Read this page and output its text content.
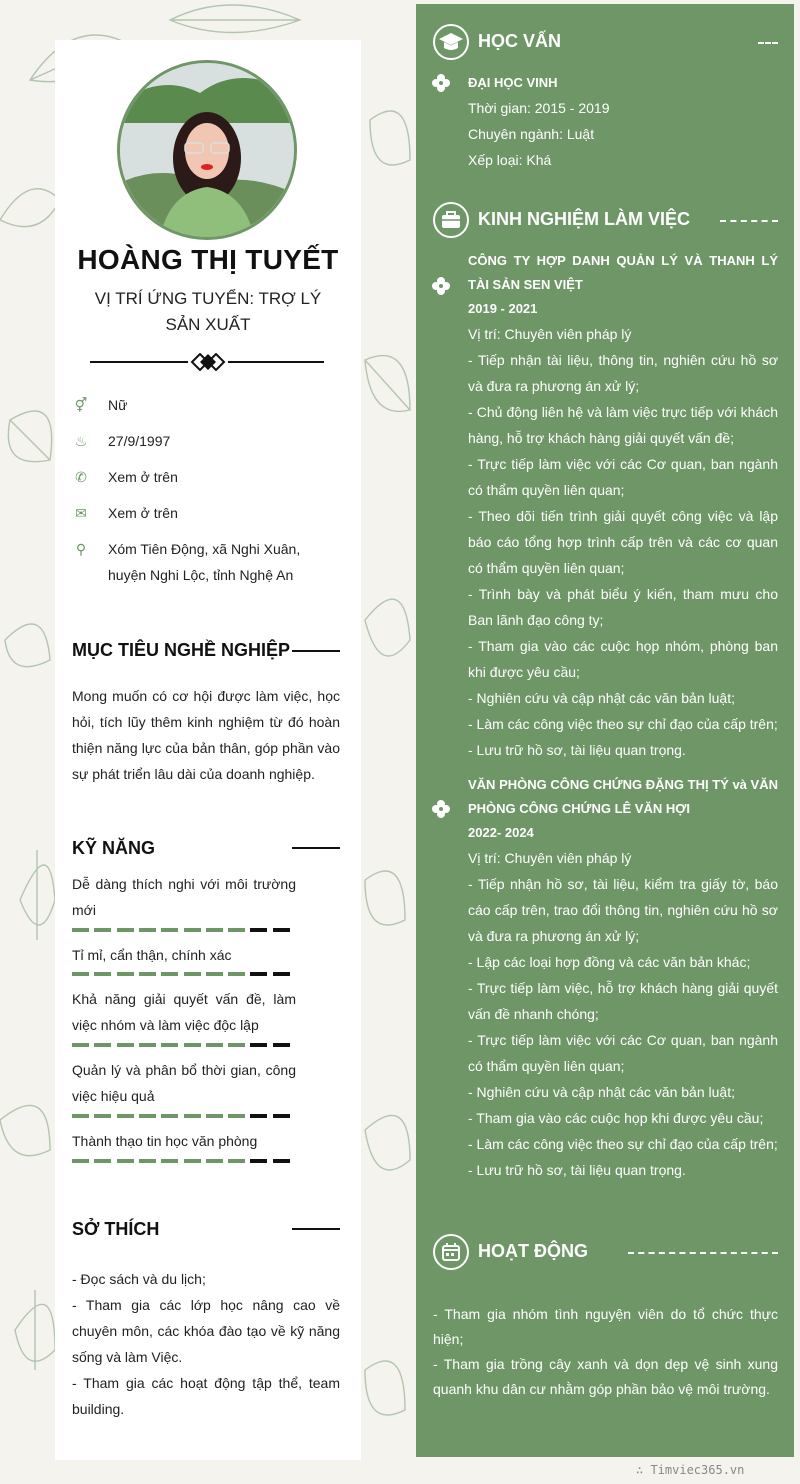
HOÀNG THỊ TUYẾT
VỊ TRÍ ỨNG TUYỂN: TRỢ LÝ
SẢN XUẤT
⚥ Nữ
♨ 27/9/1997
✆ Xem ở trên
✉ Xem ở trên
⚲ Xóm Tiên Động, xã Nghi Xuân,
huyện Nghi Lộc, tỉnh Nghệ An
MỤC TIÊU NGHỀ NGHIỆP
Mong muốn có cơ hội được làm việc, học hỏi, tích lũy thêm kinh nghiệm từ đó hoàn thiện năng lực của bản thân, góp phần vào sự phát triển lâu dài của doanh nghiệp.
KỸ NĂNG
Dễ dàng thích nghi với môi trường mới
Tỉ mỉ, cẩn thận, chính xác
Khả năng giải quyết vấn đề, làm việc nhóm và làm việc độc lập
Quản lý và phân bổ thời gian, công việc hiệu quả
Thành thạo tin học văn phòng
SỞ THÍCH
- Đọc sách và du lịch;
- Tham gia các lớp học nâng cao về chuyên môn, các khóa đào tạo về kỹ năng sống và làm Việc.
- Tham gia các hoạt động tập thể, team building.
HỌC VẤN
ĐẠI HỌC VINH
Thời gian: 2015 - 2019
Chuyên ngành: Luật
Xếp loại: Khá
KINH NGHIỆM LÀM VIỆC
CÔNG TY HỢP DANH QUẢN LÝ VÀ THANH LÝ TÀI SẢN SEN VIỆT
2019 - 2021
Vị trí: Chuyên viên pháp lý
- Tiếp nhận tài liệu, thông tin, nghiên cứu hồ sơ và đưa ra phương án xử lý;
- Chủ động liên hệ và làm việc trực tiếp với khách hàng, hỗ trợ khách hàng giải quyết vấn đề;
- Trực tiếp làm việc với các Cơ quan, ban ngành có thẩm quyền liên quan;
- Theo dõi tiến trình giải quyết công việc và lập báo cáo tổng hợp trình cấp trên và các cơ quan có thẩm quyền liên quan;
- Trình bày và phát biểu ý kiến, tham mưu cho Ban lãnh đạo công ty;
- Tham gia vào các cuộc họp nhóm, phòng ban khi được yêu cầu;
- Nghiên cứu và cập nhật các văn bản luật;
- Làm các công việc theo sự chỉ đạo của cấp trên;
- Lưu trữ hồ sơ, tài liệu quan trọng.
VĂN PHÒNG CÔNG CHỨNG ĐẶNG THỊ TÝ và VĂN PHÒNG CÔNG CHỨNG LÊ VĂN HỢI
2022- 2024
Vị trí: Chuyên viên pháp lý
- Tiếp nhận hồ sơ, tài liệu, kiểm tra giấy tờ, báo cáo cấp trên, trao đổi thông tin, nghiên cứu hồ sơ và đưa ra phương án xử lý;
- Lập các loại hợp đồng và các văn bản khác;
- Trực tiếp làm việc, hỗ trợ khách hàng giải quyết vấn đề nhanh chóng;
- Trực tiếp làm việc với các Cơ quan, ban ngành có thẩm quyền liên quan;
- Nghiên cứu và cập nhật các văn bản luật;
- Tham gia vào các cuộc họp khi được yêu cầu;
- Làm các công việc theo sự chỉ đạo của cấp trên;
- Lưu trữ hồ sơ, tài liệu quan trọng.
HOẠT ĐỘNG
- Tham gia nhóm tình nguyện viên do tổ chức thực hiện;
- Tham gia trồng cây xanh và dọn dẹp vệ sinh xung quanh khu dân cư nhằm góp phần bảo vệ môi trường.
∴ Timviec365.vn
